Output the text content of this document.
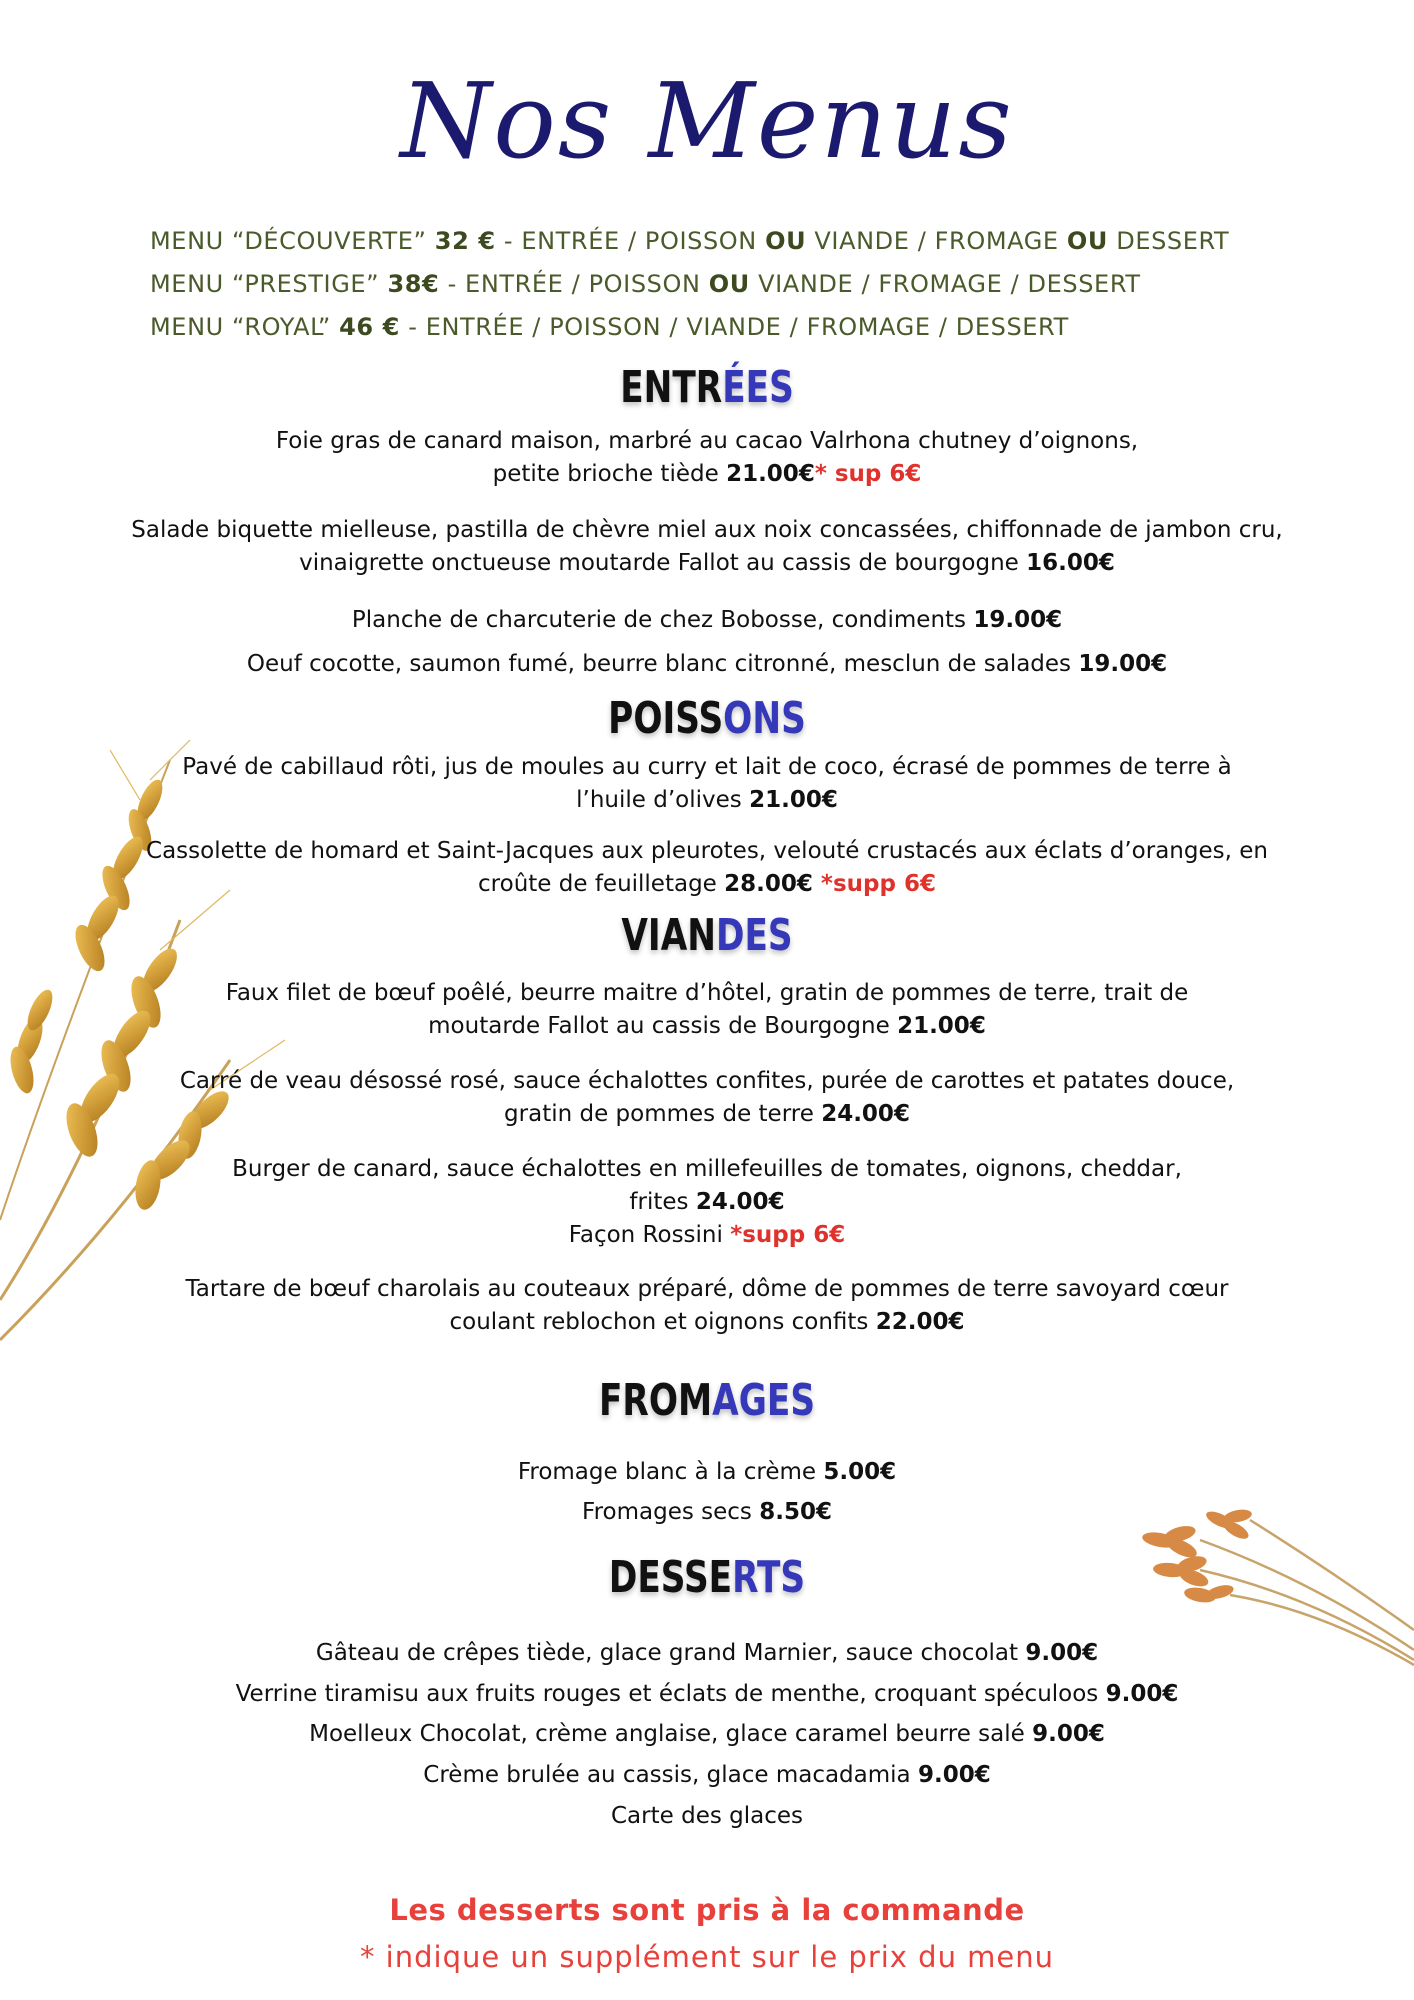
Nos Menus
MENU “DÉCOUVERTE” 32 € - ENTRÉE / POISSON OU VIANDE / FROMAGE OU DESSERT
MENU “PRESTIGE” 38€ - ENTRÉE / POISSON OU VIANDE / FROMAGE / DESSERT
MENU “ROYAL” 46 € - ENTRÉE / POISSON / VIANDE / FROMAGE / DESSERT
ENTRÉES
Foie gras de canard maison, marbré au cacao Valrhona chutney d’oignons,
petite brioche tiède 21.00€* sup 6€
Salade biquette mielleuse, pastilla de chèvre miel aux noix concassées, chiffonnade de jambon cru,
vinaigrette onctueuse moutarde Fallot au cassis de bourgogne 16.00€
Planche de charcuterie de chez Bobosse, condiments 19.00€
Oeuf cocotte, saumon fumé, beurre blanc citronné, mesclun de salades 19.00€
POISSONS
Pavé de cabillaud rôti, jus de moules au curry et lait de coco, écrasé de pommes de terre à
l’huile d’olives 21.00€
Cassolette de homard et Saint-Jacques aux pleurotes, velouté crustacés aux éclats d’oranges, en
croûte de feuilletage 28.00€ *supp 6€
VIANDES
Faux filet de bœuf poêlé, beurre maitre d’hôtel, gratin de pommes de terre, trait de
moutarde Fallot au cassis de Bourgogne 21.00€
Carré de veau désossé rosé, sauce échalottes confites, purée de carottes et patates douce,
gratin de pommes de terre 24.00€
Burger de canard, sauce échalottes en millefeuilles de tomates, oignons, cheddar,
frites 24.00€
Façon Rossini *supp 6€
Tartare de bœuf charolais au couteaux préparé, dôme de pommes de terre savoyard cœur
coulant reblochon et oignons confits 22.00€
FROMAGES
Fromage blanc à la crème 5.00€
Fromages secs 8.50€
DESSERTS
Gâteau de crêpes tiède, glace grand Marnier, sauce chocolat 9.00€
Verrine tiramisu aux fruits rouges et éclats de menthe, croquant spéculoos 9.00€
Moelleux Chocolat, crème anglaise, glace caramel beurre salé 9.00€
Crème brulée au cassis, glace macadamia 9.00€
Carte des glaces
Les desserts sont pris à la commande
* indique un supplément sur le prix du menu
